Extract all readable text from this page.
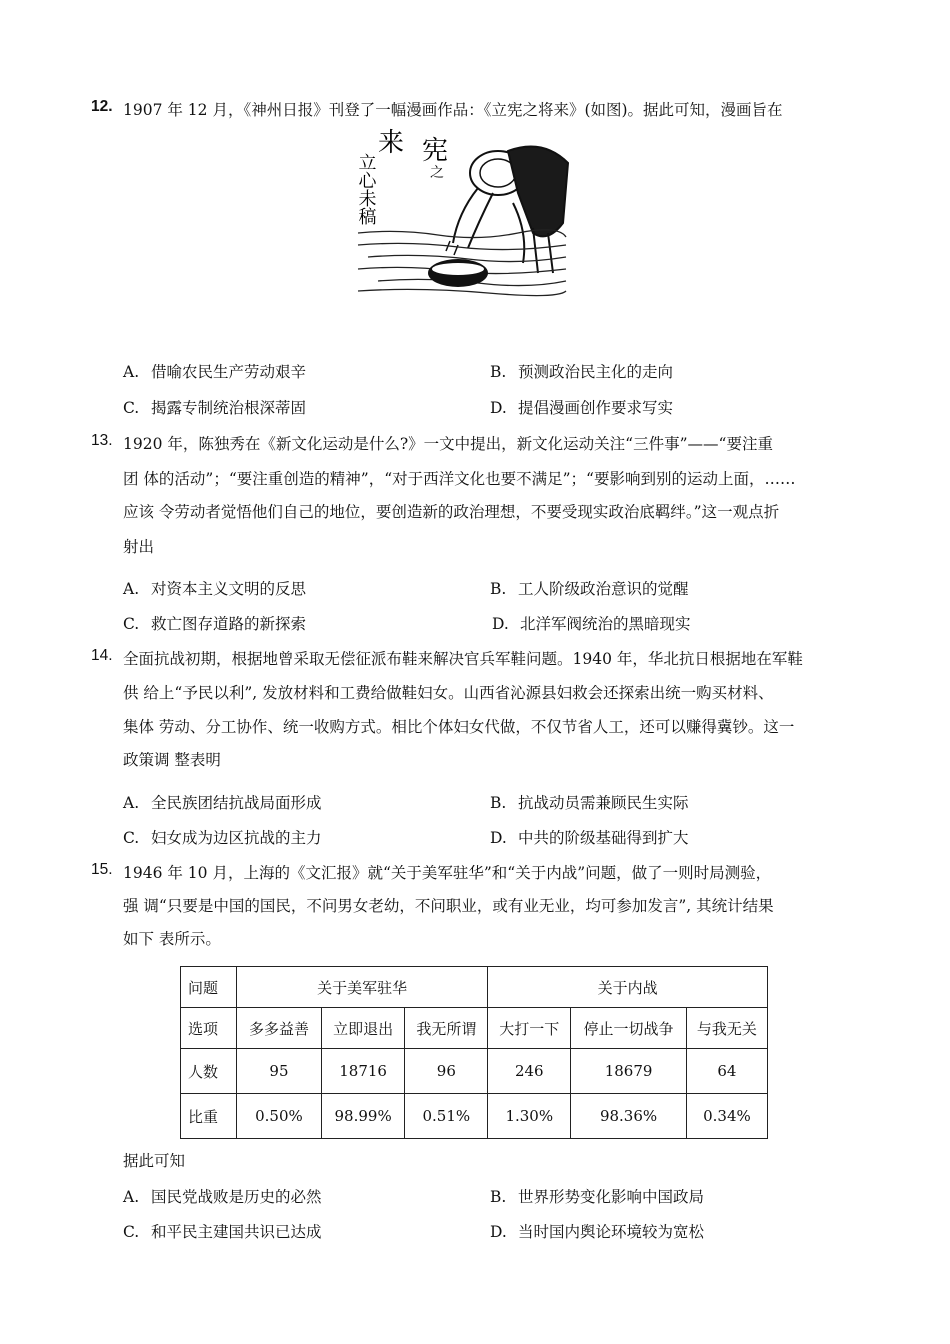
12. 1907 年 12 月，《神州日报》刊登了一幅漫画作品：《立宪之将来》(如图)。据此可知，漫画旨在
来 宪
之
立心未稿
A. 借喻农民生产劳动艰辛	B. 预测政治民主化的走向
C. 揭露专制统治根深蒂固	D. 提倡漫画创作要求写实
13. 1920 年，陈独秀在《新文化运动是什么?》一文中提出，新文化运动关注“三件事”——“要注重
团 体的活动”；“要注重创造的精神”，“对于西洋文化也要不满足”；“要影响到别的运动上面，……
应该 令劳动者觉悟他们自己的地位，要创造新的政治理想，不要受现实政治底羁绊。”这一观点折
射出
A. 对资本主义文明的反思	B. 工人阶级政治意识的觉醒
C. 救亡图存道路的新探索	D. 北洋军阀统治的黑暗现实
14. 全面抗战初期，根据地曾采取无偿征派布鞋来解决官兵军鞋问题。1940 年，华北抗日根据地在军鞋
供 给上“予民以利”, 发放材料和工费给做鞋妇女。山西省沁源县妇救会还探索出统一购买材料、
集体 劳动、分工协作、统一收购方式。相比个体妇女代做，不仅节省人工，还可以赚得冀钞。这一
政策调 整表明
A. 全民族团结抗战局面形成	B. 抗战动员需兼顾民生实际
C. 妇女成为边区抗战的主力	D. 中共的阶级基础得到扩大
15. 1946 年 10 月，上海的《文汇报》就“关于美军驻华”和“关于内战”问题，做了一则时局测验，
强 调“只要是中国的国民，不问男女老幼，不问职业，或有业无业，均可参加发言”, 其统计结果
如下 表所示。
问题	关于美军驻华			关于内战		
选项	多多益善	立即退出	我无所谓	大打一下	停止一切战争	与我无关
人数	95	18716	96	246	18679	64
比重	0.50%	98.99%	0.51%	1.30%	98.36%	0.34%
据此可知
A. 国民党战败是历史的必然	B. 世界形势变化影响中国政局
C. 和平民主建国共识已达成	D. 当时国内舆论环境较为宽松
